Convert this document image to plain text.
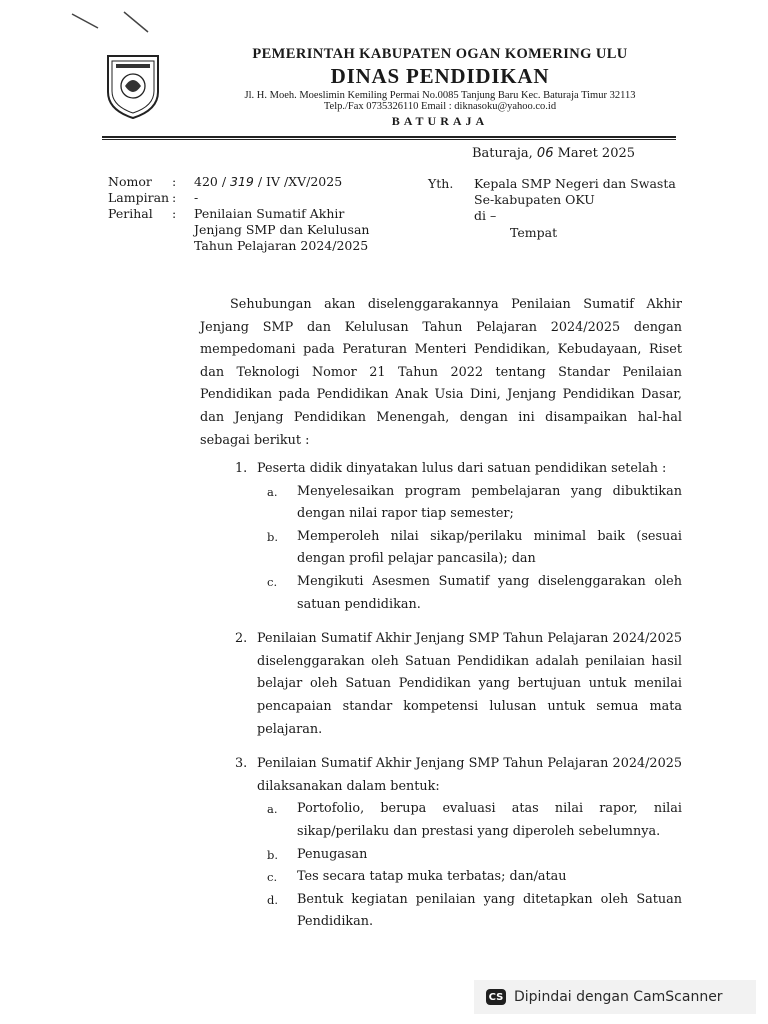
PEMERINTAH KABUPATEN OGAN KOMERING ULU
DINAS PENDIDIKAN
Jl. H. Moeh. Moeslimin Kemiling Permai No.0085 Tanjung Baru Kec. Baturaja Timur 32113
Telp./Fax 0735326110 Email : diknasoku@yahoo.co.id
BATURAJA
Baturaja, 06 Maret 2025
Nomor	:	420 / 319 / IV /XV/2025
Lampiran :	-
Perihal	:	Penilaian Sumatif Akhir Jenjang SMP dan Kelulusan Tahun Pelajaran 2024/2025
Yth.	Kepala SMP Negeri dan Swasta
Se-kabupaten OKU
di –
Tempat

Sehubungan akan diselenggarakannya Penilaian Sumatif Akhir Jenjang SMP dan Kelulusan Tahun Pelajaran 2024/2025 dengan mempedomani pada Peraturan Menteri Pendidikan, Kebudayaan, Riset dan Teknologi Nomor 21 Tahun 2022 tentang Standar Penilaian Pendidikan pada Pendidikan Anak Usia Dini, Jenjang Pendidikan Dasar, dan Jenjang Pendidikan Menengah, dengan ini disampaikan hal-hal sebagai berikut :

1. Peserta didik dinyatakan lulus dari satuan pendidikan setelah :
a. Menyelesaikan program pembelajaran yang dibuktikan dengan nilai rapor tiap semester;
b. Memperoleh nilai sikap/perilaku minimal baik (sesuai dengan profil pelajar pancasila); dan
c. Mengikuti Asesmen Sumatif yang diselenggarakan oleh satuan pendidikan.
2. Penilaian Sumatif Akhir Jenjang SMP Tahun Pelajaran 2024/2025 diselenggarakan oleh Satuan Pendidikan adalah penilaian hasil belajar oleh Satuan Pendidikan yang bertujuan untuk menilai pencapaian standar kompetensi lulusan untuk semua mata pelajaran.
3. Penilaian Sumatif Akhir Jenjang SMP Tahun Pelajaran 2024/2025 dilaksanakan dalam bentuk:
a. Portofolio, berupa evaluasi atas nilai rapor, nilai sikap/perilaku dan prestasi yang diperoleh sebelumnya.
b. Penugasan
c. Tes secara tatap muka terbatas; dan/atau
d. Bentuk kegiatan penilaian yang ditetapkan oleh Satuan Pendidikan.
CS Dipindai dengan CamScanner
